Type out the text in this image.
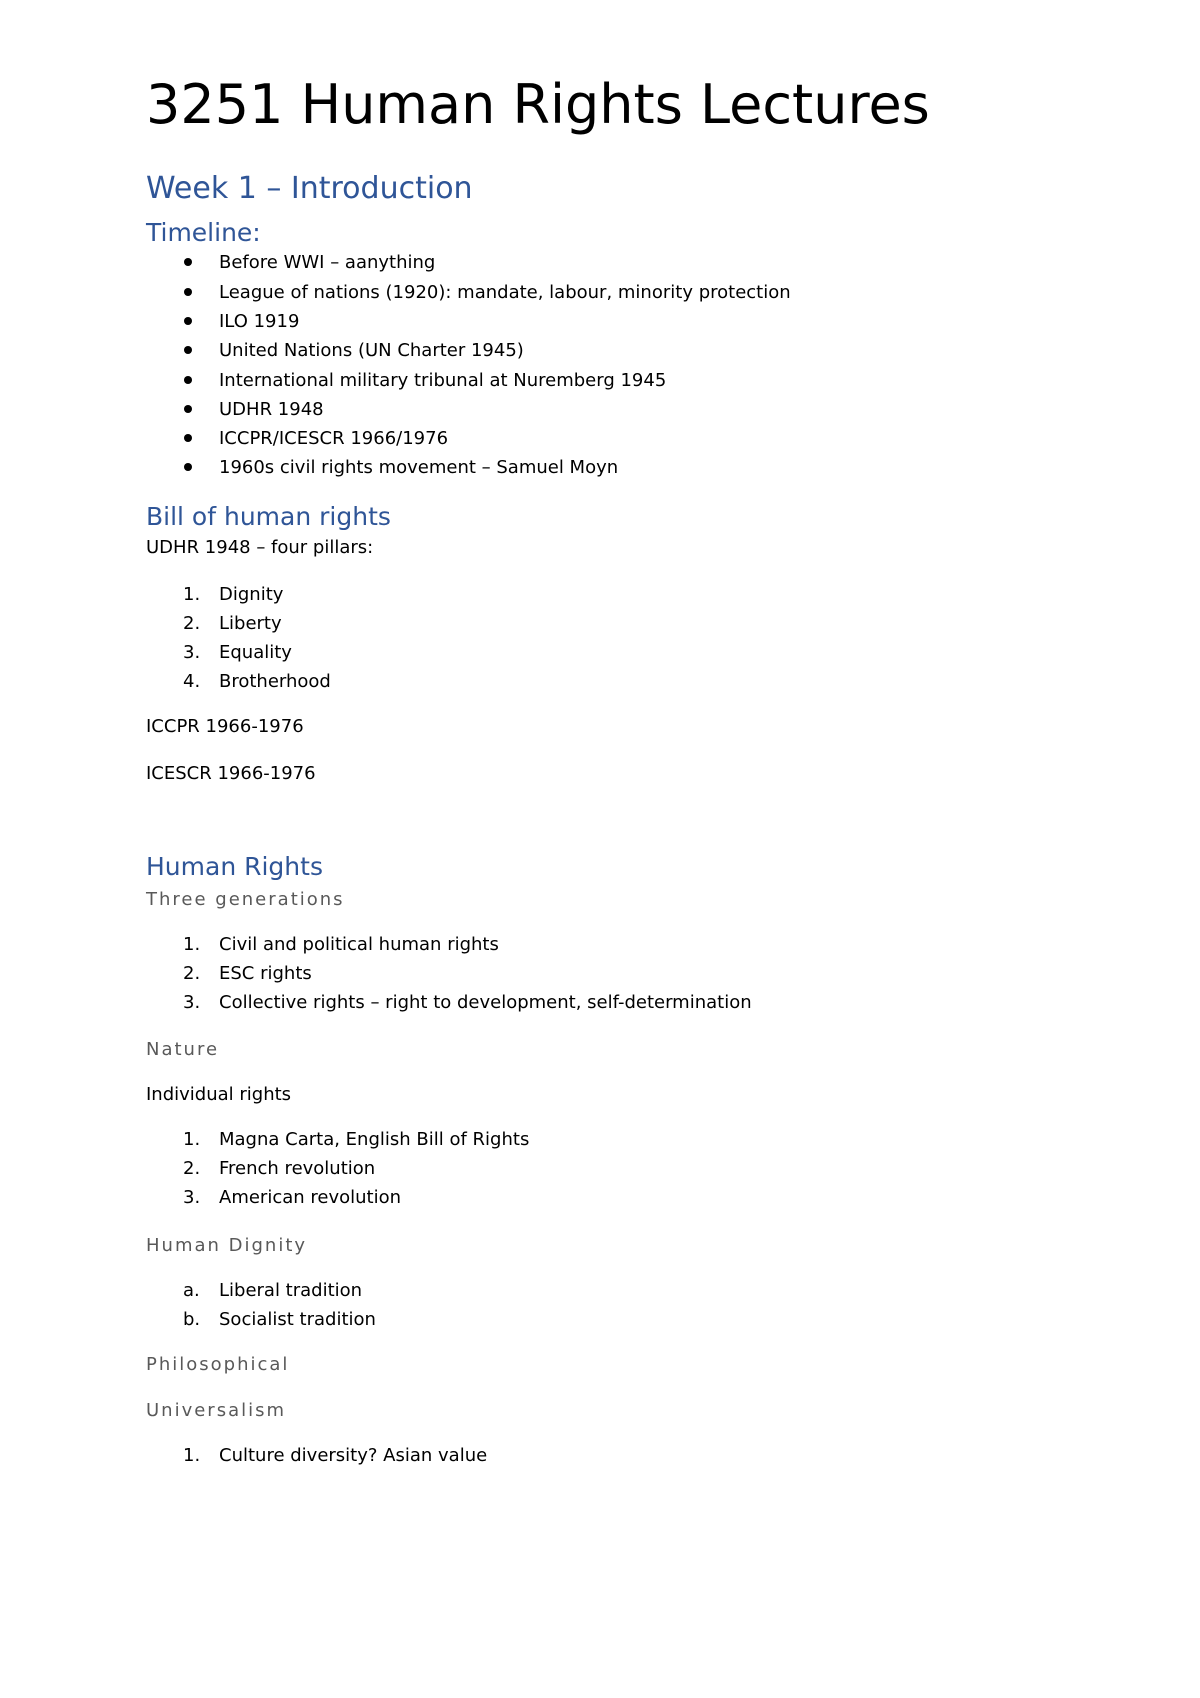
3251 Human Rights Lectures
Week 1 – Introduction
Timeline:
Before WWI – aanything
League of nations (1920): mandate, labour, minority protection
ILO 1919
United Nations (UN Charter 1945)
International military tribunal at Nuremberg 1945
UDHR 1948
ICCPR/ICESCR 1966/1976
1960s civil rights movement – Samuel Moyn
Bill of human rights
UDHR 1948 – four pillars:
1.	Dignity
2.	Liberty
3.	Equality
4.	Brotherhood
ICCPR 1966-1976
ICESCR 1966-1976
Human Rights
Three generations
1.	Civil and political human rights
2.	ESC rights
3.	Collective rights – right to development, self-determination
Nature
Individual rights
1.	Magna Carta, English Bill of Rights
2.	French revolution
3.	American revolution
Human Dignity
a.	Liberal tradition
b.	Socialist tradition
Philosophical
Universalism
1.	Culture diversity? Asian value
